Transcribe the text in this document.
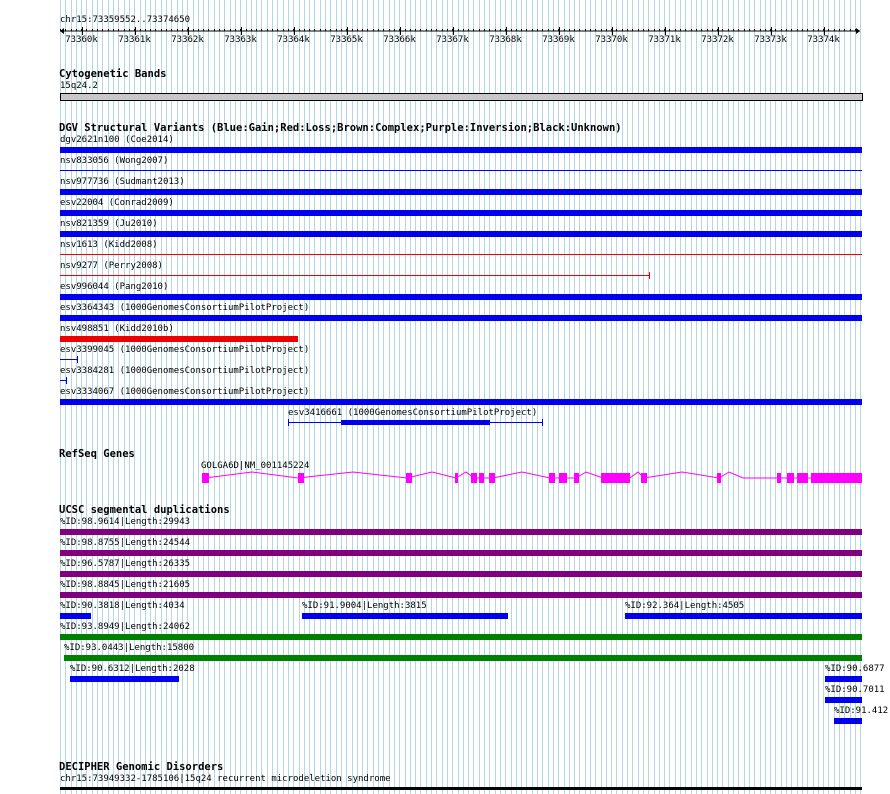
chr15:73359552..73374650
73360k 73361k 73362k 73363k 73364k 73365k 73366k 73367k 73368k 73369k 73370k 73371k 73372k 73373k 73374k
Cytogenetic Bands
15q24.2
DGV Structural Variants (Blue:Gain;Red:Loss;Brown:Complex;Purple:Inversion;Black:Unknown)
dgv2621n100 (Coe2014)
nsv833056 (Wong2007)
nsv977736 (Sudmant2013)
esv22004 (Conrad2009)
nsv821359 (Ju2010)
nsv1613 (Kidd2008)
nsv9277 (Perry2008)
esv996044 (Pang2010)
esv3364343 (1000GenomesConsortiumPilotProject)
nsv498851 (Kidd2010b)
esv3399045 (1000GenomesConsortiumPilotProject)
esv3384281 (1000GenomesConsortiumPilotProject)
esv3334067 (1000GenomesConsortiumPilotProject)
esv3416661 (1000GenomesConsortiumPilotProject)
RefSeq Genes
GOLGA6D|NM_001145224
UCSC segmental duplications
%ID:98.9614|Length:29943
%ID:98.8755|Length:24544
%ID:96.5787|Length:26335
%ID:98.8845|Length:21605
%ID:90.3818|Length:4034	%ID:91.9004|Length:3815	%ID:92.364|Length:4505
%ID:93.8949|Length:24062
%ID:93.0443|Length:15800
%ID:90.6312|Length:2028	%ID:90.6877
%ID:90.7011
%ID:91.412
DECIPHER Genomic Disorders
chr15:73949332-1785106|15q24 recurrent microdeletion syndrome
